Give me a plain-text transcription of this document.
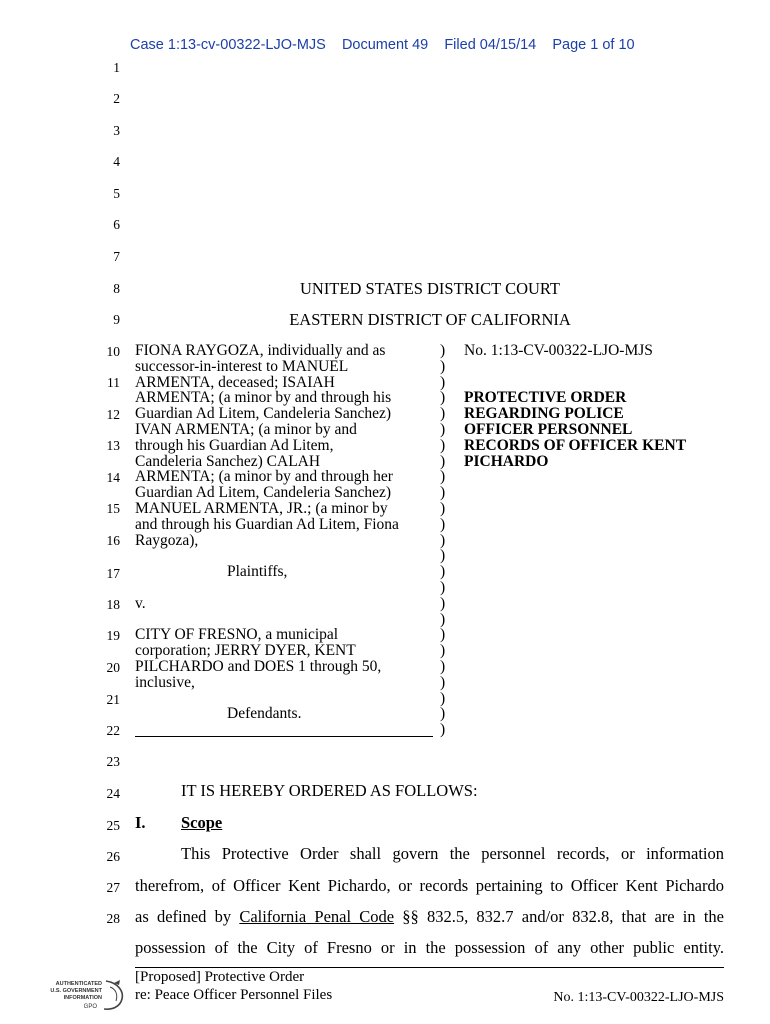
Case 1:13-cv-00322-LJO-MJS Document 49 Filed 04/15/14 Page 1 of 10
1
2
3
4
5
6
7
8
9
10
11
12
13
14
15
16
17
18
19
20
21
22
23
24
25
26
27
28
UNITED STATES DISTRICT COURT
EASTERN DISTRICT OF CALIFORNIA
FIONA RAYGOZA, individually and as
successor-in-interest to MANUEL
ARMENTA, deceased; ISAIAH
ARMENTA; (a minor by and through his
Guardian Ad Litem, Candeleria Sanchez)
IVAN ARMENTA; (a minor by and
through his Guardian Ad Litem,
Candeleria Sanchez) CALAH
ARMENTA; (a minor by and through her
Guardian Ad Litem, Candeleria Sanchez)
MANUEL ARMENTA, JR.; (a minor by
and through his Guardian Ad Litem, Fiona
Raygoza),
Plaintiffs,
v.
CITY OF FRESNO, a municipal
corporation; JERRY DYER, KENT
PILCHARDO and DOES 1 through 50,
inclusive,
Defendants.
)
)
)
)
)
)
)
)
)
)
)
)
)
)
)
)
)
)
)
)
)
)
)
)
)
No. 1:13-CV-00322-LJO-MJS
PROTECTIVE ORDER
REGARDING POLICE
OFFICER PERSONNEL
RECORDS OF OFFICER KENT
PICHARDO
IT IS HEREBY ORDERED AS FOLLOWS:
I. Scope
This Protective Order shall govern the personnel records, or information
therefrom, of Officer Kent Pichardo, or records pertaining to Officer Kent Pichardo
as defined by California Penal Code §§ 832.5, 832.7 and/or 832.8, that are in the
possession of the City of Fresno or in the possession of any other public entity.
[Proposed] Protective Order
re: Peace Officer Personnel Files	No. 1:13-CV-00322-LJO-MJS
AUTHENTICATED
U.S. GOVERNMENT
INFORMATION
GPO
